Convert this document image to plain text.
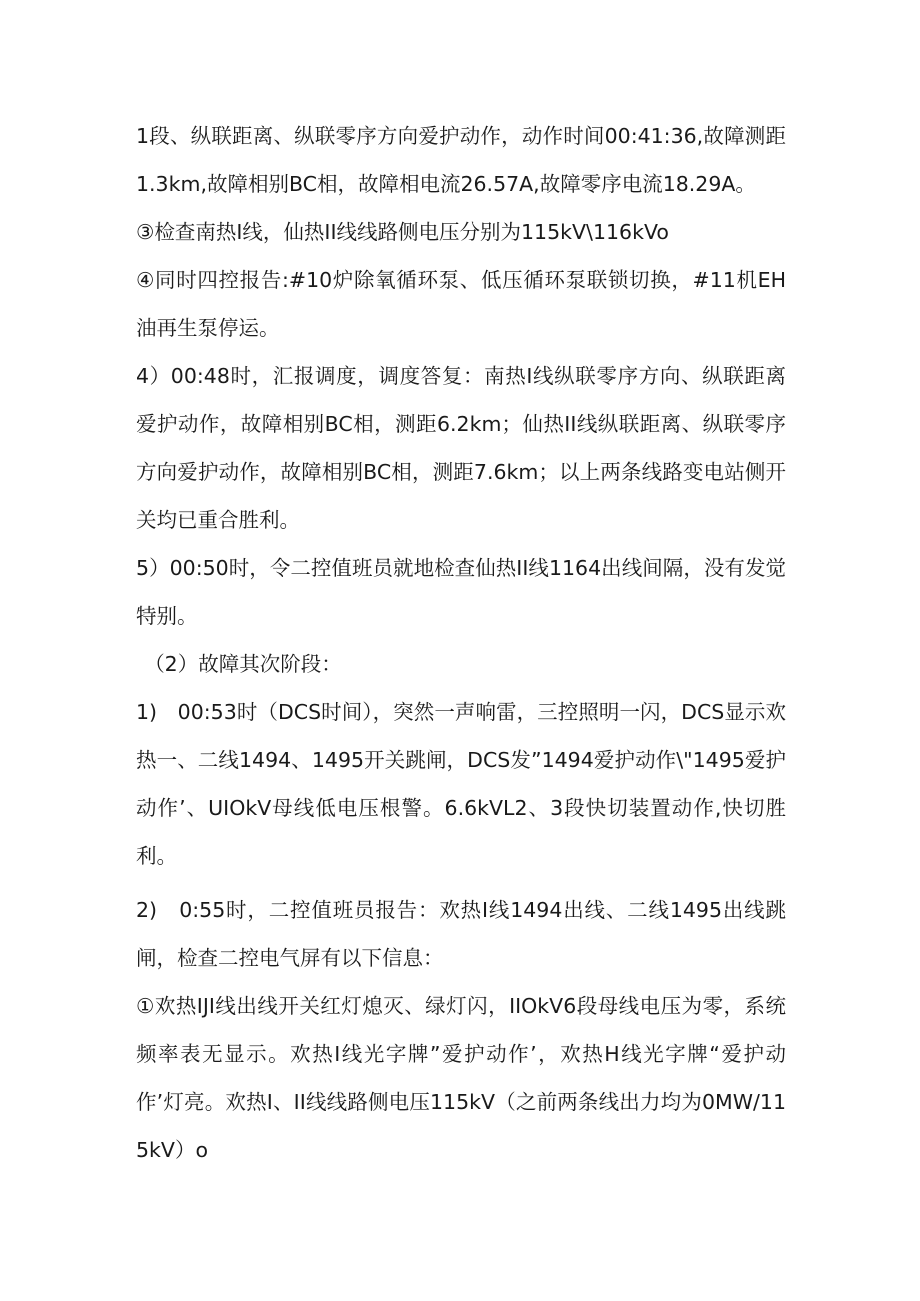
1段、纵联距离、纵联零序方向爱护动作，动作时间00:41:36,故障测距1.3km,故障相别BC相，故障相电流26.57A,故障零序电流18.29A。

③检查南热I线，仙热II线线路侧电压分别为115kV\116kVo

④同时四控报告:#10炉除氧循环泵、低压循环泵联锁切换，#11机EH油再生泵停运。

4）00:48时，汇报调度，调度答复：南热I线纵联零序方向、纵联距离爱护动作，故障相别BC相，测距6.2km；仙热II线纵联距离、纵联零序方向爱护动作，故障相别BC相，测距7.6km；以上两条线路变电站侧开关均已重合胜利。

5）00:50时，令二控值班员就地检查仙热II线1164出线间隔，没有发觉特别。

（2）故障其次阶段：

1)　00:53时（DCS时间），突然一声响雷，三控照明一闪，DCS显示欢热一、二线1494、1495开关跳闸，DCS发”1494爱护动作\"1495爱护动作’、UIOkV母线低电压根警。6.6kVL2、3段快切装置动作,快切胜利。

2)　0:55时，二控值班员报告：欢热I线1494出线、二线1495出线跳闸，检查二控电气屏有以下信息：

①欢热IJI线出线开关红灯熄灭、绿灯闪，IIOkV6段母线电压为零，系统频率表无显示。欢热I线光字牌”爱护动作’，欢热H线光字牌“爱护动作’灯亮。欢热I、II线线路侧电压115kV（之前两条线出力均为0MW/115kV）o
